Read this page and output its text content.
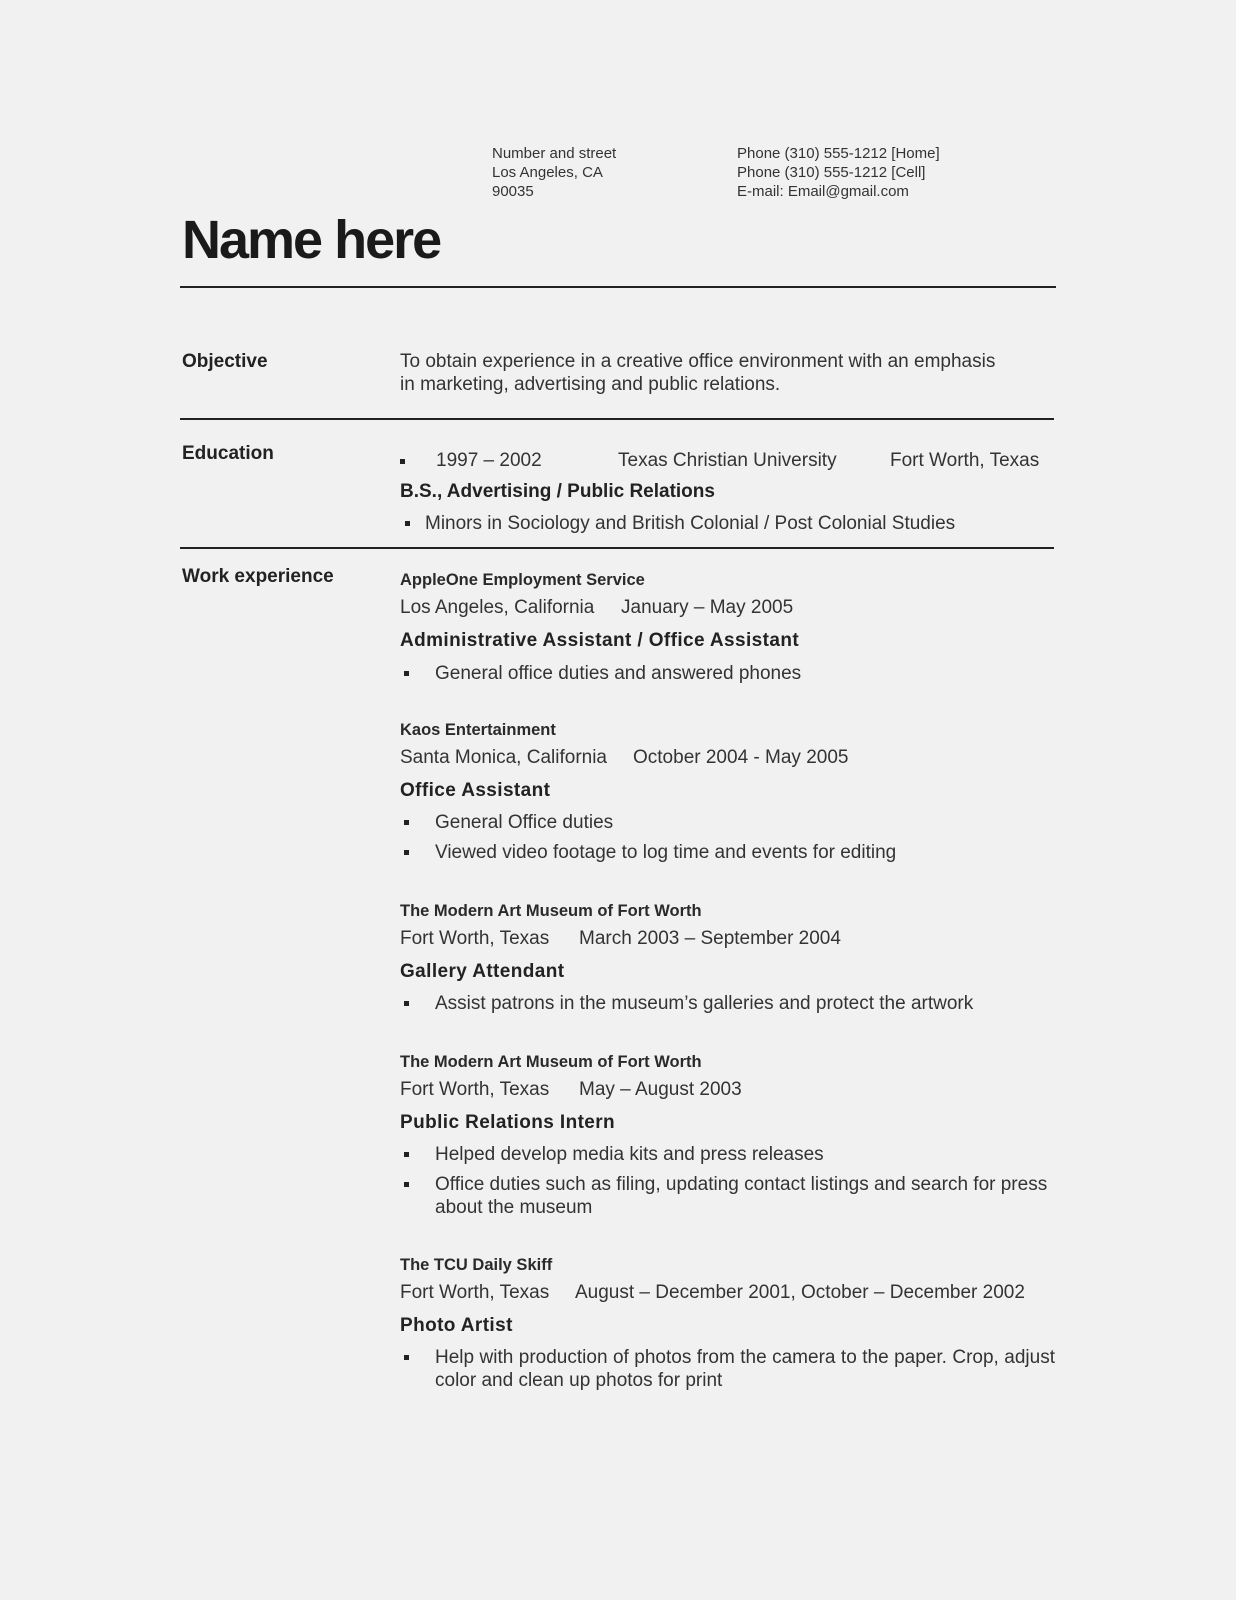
Number and street
Los Angeles, CA
90035
Phone (310) 555-1212 [Home]
Phone (310) 555-1212 [Cell]
E-mail: Email@gmail.com
Name here
Objective	To obtain experience in a creative office environment with an emphasis
in marketing, advertising and public relations.
Education	1997 – 2002	Texas Christian University	Fort Worth, Texas
B.S., Advertising / Public Relations
Minors in Sociology and British Colonial / Post Colonial Studies
Work experience	AppleOne Employment Service
Los Angeles, California January – May 2005
Administrative Assistant / Office Assistant
General office duties and answered phones
Kaos Entertainment
Santa Monica, California October 2004 - May 2005
Office Assistant
General Office duties
Viewed video footage to log time and events for editing
The Modern Art Museum of Fort Worth
Fort Worth, Texas March 2003 – September 2004
Gallery Attendant
Assist patrons in the museum’s galleries and protect the artwork
The Modern Art Museum of Fort Worth
Fort Worth, Texas May – August 2003
Public Relations Intern
Helped develop media kits and press releases
Office duties such as filing, updating contact listings and search for press about the museum
The TCU Daily Skiff
Fort Worth, Texas August – December 2001, October – December 2002
Photo Artist
Help with production of photos from the camera to the paper. Crop, adjust color and clean up photos for print
